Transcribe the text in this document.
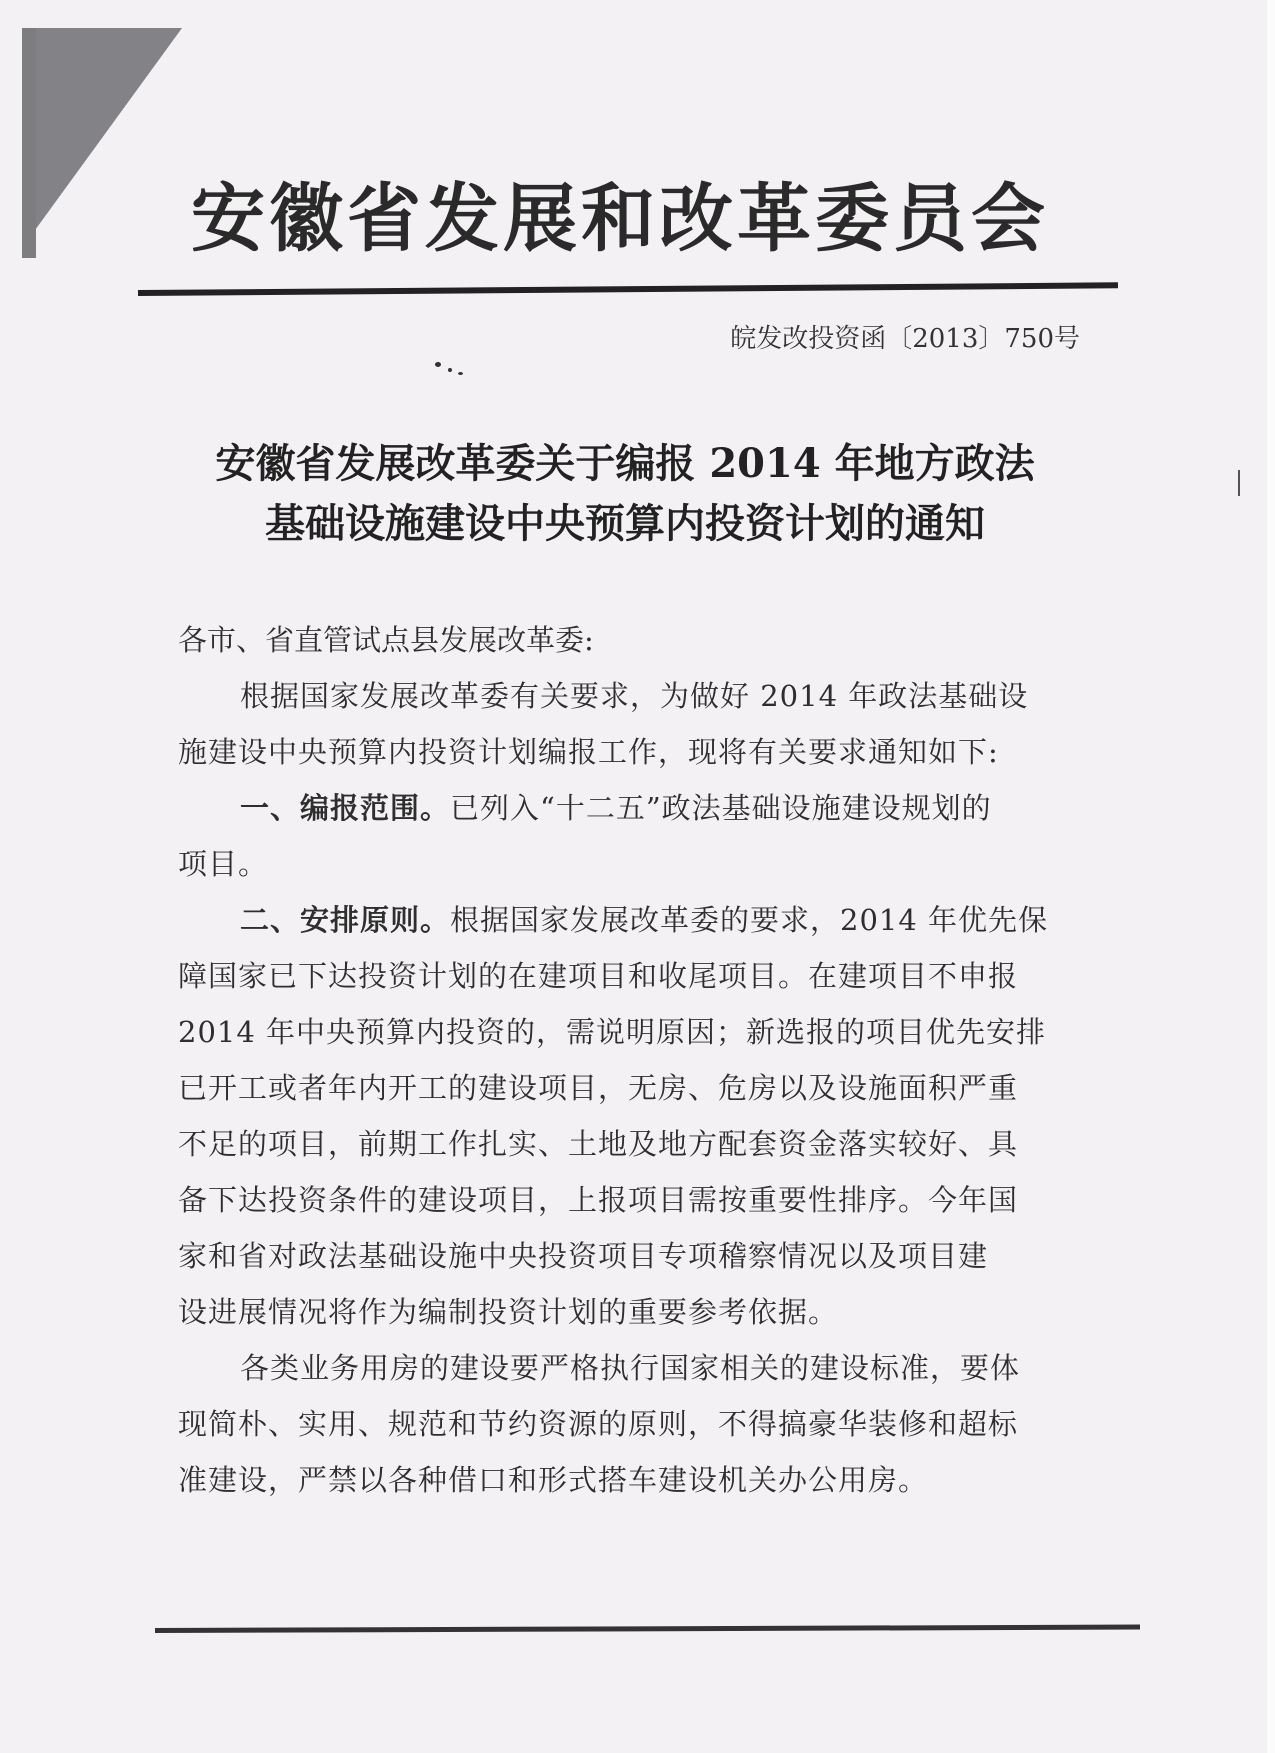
安徽省发展和改革委员会
皖发改投资函〔2013〕750号
安徽省发展改革委关于编报 2014 年地方政法
基础设施建设中央预算内投资计划的通知
各市、省直管试点县发展改革委:
根据国家发展改革委有关要求，为做好 2014 年政法基础设
施建设中央预算内投资计划编报工作，现将有关要求通知如下:
一、编报范围。已列入“十二五”政法基础设施建设规划的
项目。
二、安排原则。根据国家发展改革委的要求，2014 年优先保
障国家已下达投资计划的在建项目和收尾项目。在建项目不申报
2014 年中央预算内投资的，需说明原因；新选报的项目优先安排
已开工或者年内开工的建设项目，无房、危房以及设施面积严重
不足的项目，前期工作扎实、土地及地方配套资金落实较好、具
备下达投资条件的建设项目，上报项目需按重要性排序。今年国
家和省对政法基础设施中央投资项目专项稽察情况以及项目建
设进展情况将作为编制投资计划的重要参考依据。
各类业务用房的建设要严格执行国家相关的建设标准，要体
现简朴、实用、规范和节约资源的原则，不得搞豪华装修和超标
准建设，严禁以各种借口和形式搭车建设机关办公用房。
